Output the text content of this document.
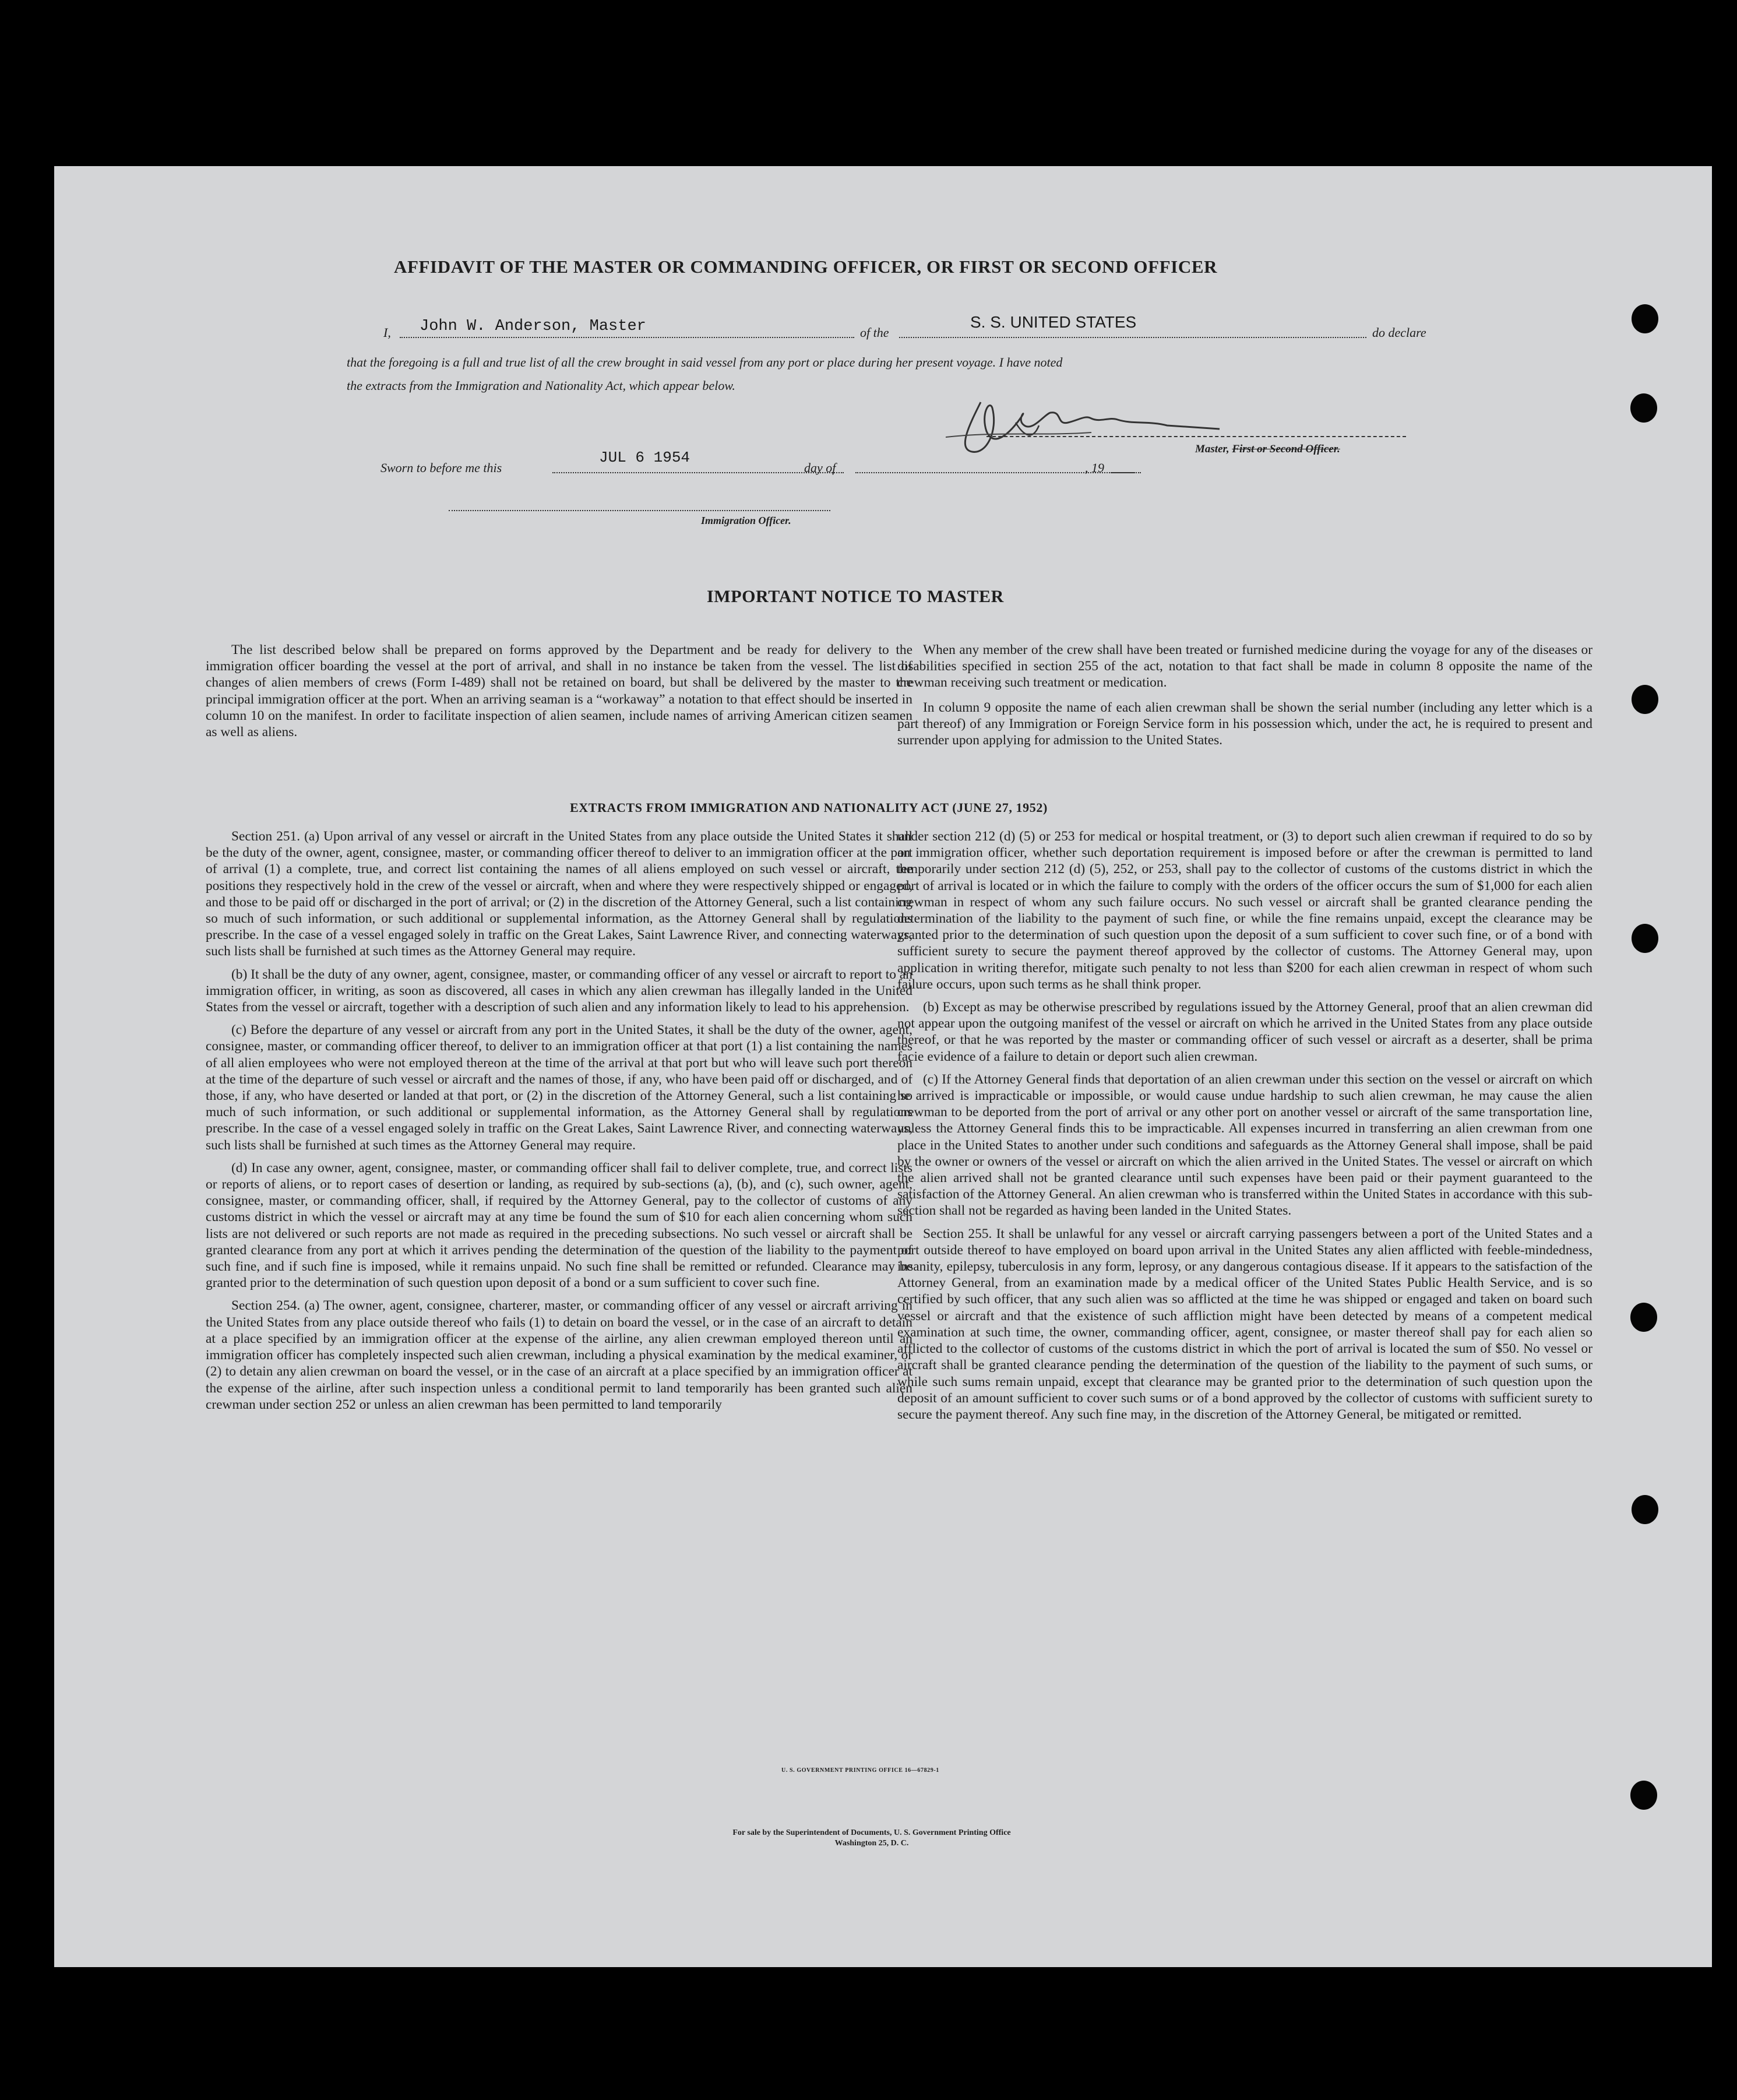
AFFIDAVIT OF THE MASTER OR COMMANDING OFFICER, OR FIRST OR SECOND OFFICER
I, John W. Anderson, Master	of the
S. S. UNITED STATES
do declare
that the foregoing is a full and true list of all the crew brought in said vessel from any port or place during her present voyage. I have noted
the extracts from the Immigration and Nationality Act, which appear below.
Master, First or Second Officer.
Sworn to before me this
JUL 6 1954
day of	, 19
Immigration Officer.
IMPORTANT NOTICE TO MASTER

The list described below shall be prepared on forms approved by the Department and be ready for delivery to the immigration officer boarding the vessel at the port of arrival, and shall in no instance be taken from the vessel. The list of changes of alien members of crews (Form I-489) shall not be retained on board, but shall be delivered by the master to the principal immigration officer at the port. When an arriving seaman is a “workaway” a notation to that effect should be inserted in column 10 on the manifest. In order to facilitate inspection of alien seamen, include names of arriving American citizen seamen as well as aliens.

When any member of the crew shall have been treated or furnished medicine during the voyage for any of the diseases or disabilities specified in section 255 of the act, notation to that fact shall be made in column 8 opposite the name of the crewman receiving such treatment or medication.

In column 9 opposite the name of each alien crewman shall be shown the serial number (including any letter which is a part thereof) of any Immigration or Foreign Service form in his possession which, under the act, he is required to present and surrender upon applying for admission to the United States.

EXTRACTS FROM IMMIGRATION AND NATIONALITY ACT (JUNE 27, 1952)

Section 251. (a) Upon arrival of any vessel or aircraft in the United States from any place outside the United States it shall be the duty of the owner, agent, consignee, master, or commanding officer thereof to deliver to an immigration officer at the port of arrival (1) a complete, true, and correct list containing the names of all aliens employed on such vessel or aircraft, the positions they respectively hold in the crew of the vessel or aircraft, when and where they were respectively shipped or engaged, and those to be paid off or discharged in the port of arrival; or (2) in the discretion of the Attorney General, such a list containing so much of such information, or such additional or supplemental information, as the Attorney General shall by regulations prescribe. In the case of a vessel engaged solely in traffic on the Great Lakes, Saint Lawrence River, and connecting waterways, such lists shall be furnished at such times as the Attorney General may require.

(b) It shall be the duty of any owner, agent, consignee, master, or commanding officer of any vessel or aircraft to report to an immigration officer, in writing, as soon as discovered, all cases in which any alien crewman has illegally landed in the United States from the vessel or aircraft, together with a description of such alien and any information likely to lead to his apprehension.

(c) Before the departure of any vessel or aircraft from any port in the United States, it shall be the duty of the owner, agent, consignee, master, or commanding officer thereof, to deliver to an immigration officer at that port (1) a list containing the names of all alien employees who were not employed thereon at the time of the arrival at that port but who will leave such port thereon at the time of the departure of such vessel or aircraft and the names of those, if any, who have been paid off or discharged, and of those, if any, who have deserted or landed at that port, or (2) in the discretion of the Attorney General, such a list containing so much of such information, or such additional or supplemental information, as the Attorney General shall by regulations prescribe. In the case of a vessel engaged solely in traffic on the Great Lakes, Saint Lawrence River, and connecting waterways, such lists shall be furnished at such times as the Attorney General may require.

(d) In case any owner, agent, consignee, master, or commanding officer shall fail to deliver complete, true, and correct lists or reports of aliens, or to report cases of desertion or landing, as required by sub-sections (a), (b), and (c), such owner, agent, consignee, master, or commanding officer, shall, if required by the Attorney General, pay to the collector of customs of any customs district in which the vessel or aircraft may at any time be found the sum of $10 for each alien concerning whom such lists are not delivered or such reports are not made as required in the preceding subsections. No such vessel or aircraft shall be granted clearance from any port at which it arrives pending the determination of the question of the liability to the payment of such fine, and if such fine is imposed, while it remains unpaid. No such fine shall be remitted or refunded. Clearance may be granted prior to the determination of such question upon deposit of a bond or a sum sufficient to cover such fine.

Section 254. (a) The owner, agent, consignee, charterer, master, or commanding officer of any vessel or aircraft arriving in the United States from any place outside thereof who fails (1) to detain on board the vessel, or in the case of an aircraft to detain at a place specified by an immigration officer at the expense of the airline, any alien crewman employed thereon until an immigration officer has completely inspected such alien crewman, including a physical examination by the medical examiner, or (2) to detain any alien crewman on board the vessel, or in the case of an aircraft at a place specified by an immigration officer at the expense of the airline, after such inspection unless a conditional permit to land temporarily has been granted such alien crewman under section 252 or unless an alien crewman has been permitted to land temporarily

under section 212 (d) (5) or 253 for medical or hospital treatment, or (3) to deport such alien crewman if required to do so by an immigration officer, whether such deportation requirement is imposed before or after the crewman is permitted to land temporarily under section 212 (d) (5), 252, or 253, shall pay to the collector of customs of the customs district in which the port of arrival is located or in which the failure to comply with the orders of the officer occurs the sum of $1,000 for each alien crewman in respect of whom any such failure occurs. No such vessel or aircraft shall be granted clearance pending the determination of the liability to the payment of such fine, or while the fine remains unpaid, except the clearance may be granted prior to the determination of such question upon the deposit of a sum sufficient to cover such fine, or of a bond with sufficient surety to secure the payment thereof approved by the collector of customs. The Attorney General may, upon application in writing therefor, mitigate such penalty to not less than $200 for each alien crewman in respect of whom such failure occurs, upon such terms as he shall think proper.

(b) Except as may be otherwise prescribed by regulations issued by the Attorney General, proof that an alien crewman did not appear upon the outgoing manifest of the vessel or aircraft on which he arrived in the United States from any place outside thereof, or that he was reported by the master or commanding officer of such vessel or aircraft as a deserter, shall be prima facie evidence of a failure to detain or deport such alien crewman.

(c) If the Attorney General finds that deportation of an alien crewman under this section on the vessel or aircraft on which he arrived is impracticable or impossible, or would cause undue hardship to such alien crewman, he may cause the alien crewman to be deported from the port of arrival or any other port on another vessel or aircraft of the same transportation line, unless the Attorney General finds this to be impracticable. All expenses incurred in transferring an alien crewman from one place in the United States to another under such conditions and safeguards as the Attorney General shall impose, shall be paid by the owner or owners of the vessel or aircraft on which the alien arrived in the United States. The vessel or aircraft on which the alien arrived shall not be granted clearance until such expenses have been paid or their payment guaranteed to the satisfaction of the Attorney General. An alien crewman who is transferred within the United States in accordance with this sub-section shall not be regarded as having been landed in the United States.

Section 255. It shall be unlawful for any vessel or aircraft carrying passengers between a port of the United States and a port outside thereof to have employed on board upon arrival in the United States any alien afflicted with feeble-mindedness, insanity, epilepsy, tuberculosis in any form, leprosy, or any dangerous contagious disease. If it appears to the satisfaction of the Attorney General, from an examination made by a medical officer of the United States Public Health Service, and is so certified by such officer, that any such alien was so afflicted at the time he was shipped or engaged and taken on board such vessel or aircraft and that the existence of such affliction might have been detected by means of a competent medical examination at such time, the owner, commanding officer, agent, consignee, or master thereof shall pay for each alien so afflicted to the collector of customs of the customs district in which the port of arrival is located the sum of $50. No vessel or aircraft shall be granted clearance pending the determination of the question of the liability to the payment of such sums, or while such sums remain unpaid, except that clearance may be granted prior to the determination of such question upon the deposit of an amount sufficient to cover such sums or of a bond approved by the collector of customs with sufficient surety to secure the payment thereof. Any such fine may, in the discretion of the Attorney General, be mitigated or remitted.

U. S. GOVERNMENT PRINTING OFFICE 16—67829-1
For sale by the Superintendent of Documents, U. S. Government Printing Office
Washington 25, D. C.
